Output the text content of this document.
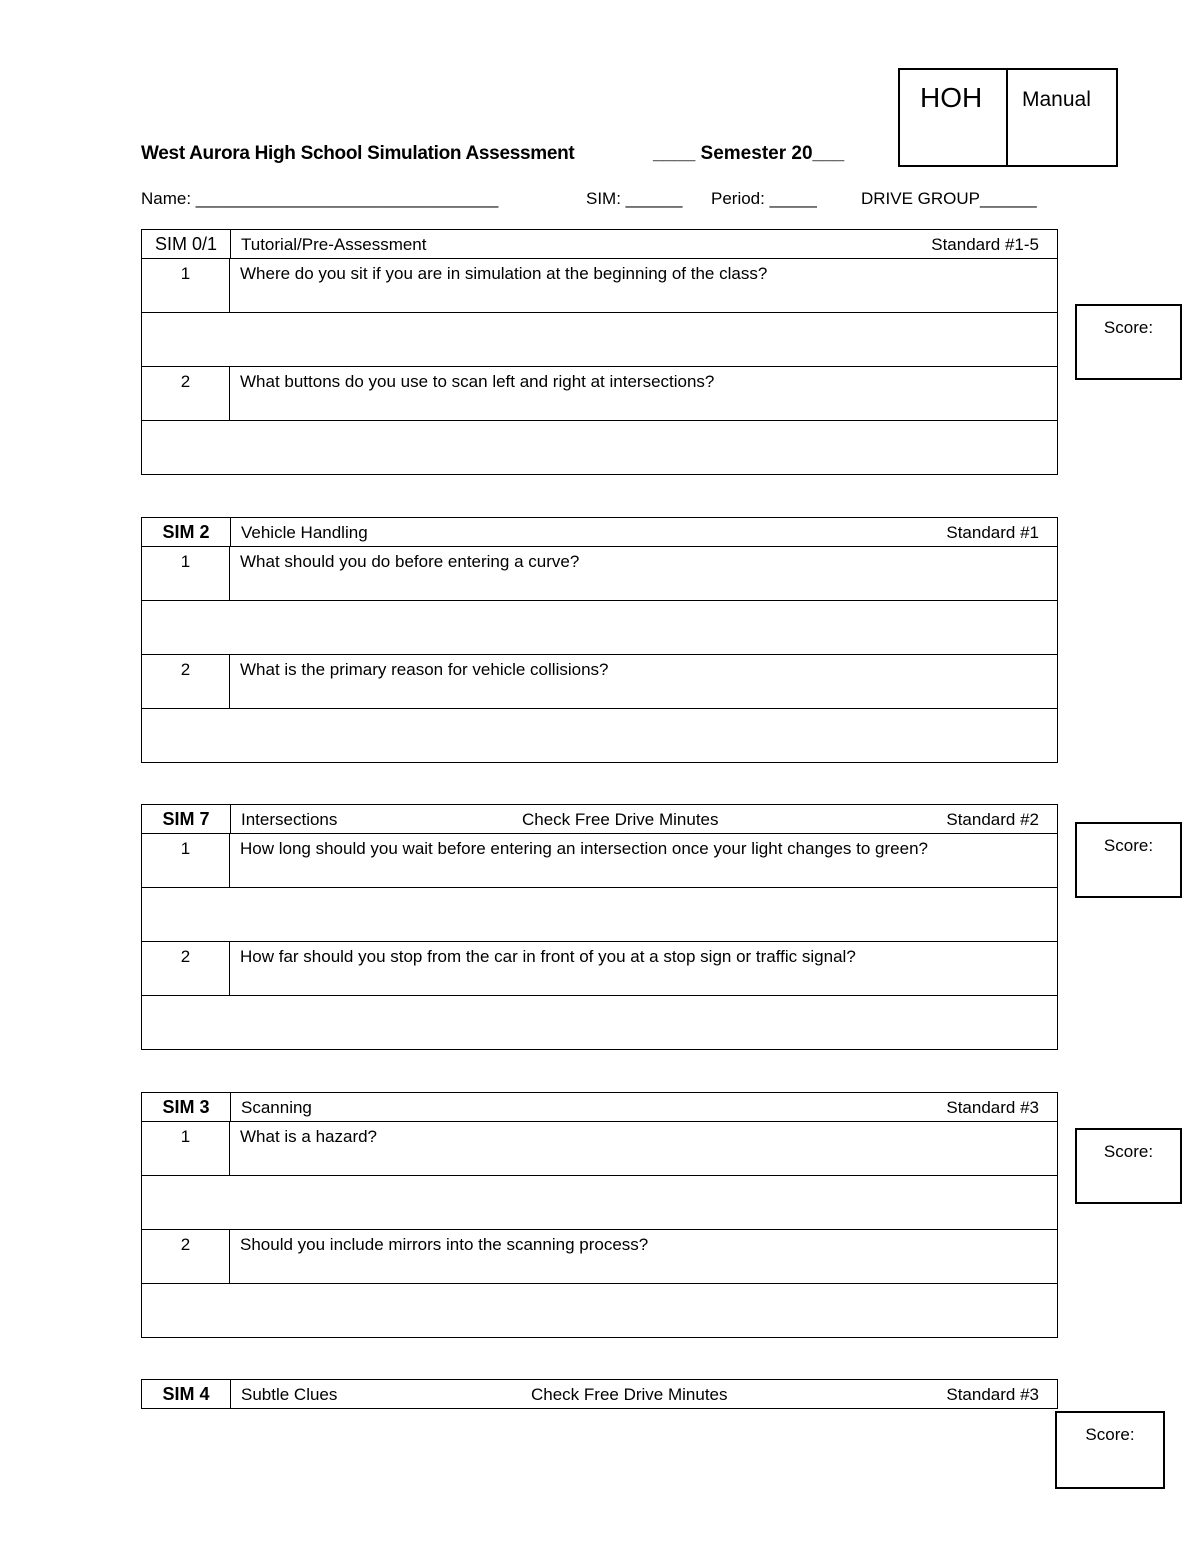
HOH	Manual
West Aurora High School Simulation Assessment	____ Semester 20___
Name: ________________________________	SIM: ______ Period: _____	DRIVE GROUP______
SIM 0/1	Tutorial/Pre-Assessment	Standard #1-5
1	Where do you sit if you are in simulation at the beginning of the class?
2	What buttons do you use to scan left and right at intersections?
Score:
SIM 2	Vehicle Handling	Standard #1
1	What should you do before entering a curve?
2	What is the primary reason for vehicle collisions?
SIM 7	Intersections	Check Free Drive Minutes	Standard #2
1	How long should you wait before entering an intersection once your light changes to green?
2	How far should you stop from the car in front of you at a stop sign or traffic signal?
Score:
SIM 3	Scanning	Standard #3
1	What is a hazard?
2	Should you include mirrors into the scanning process?
Score:
SIM 4	Subtle Clues	Check Free Drive Minutes	Standard #3
Score:
